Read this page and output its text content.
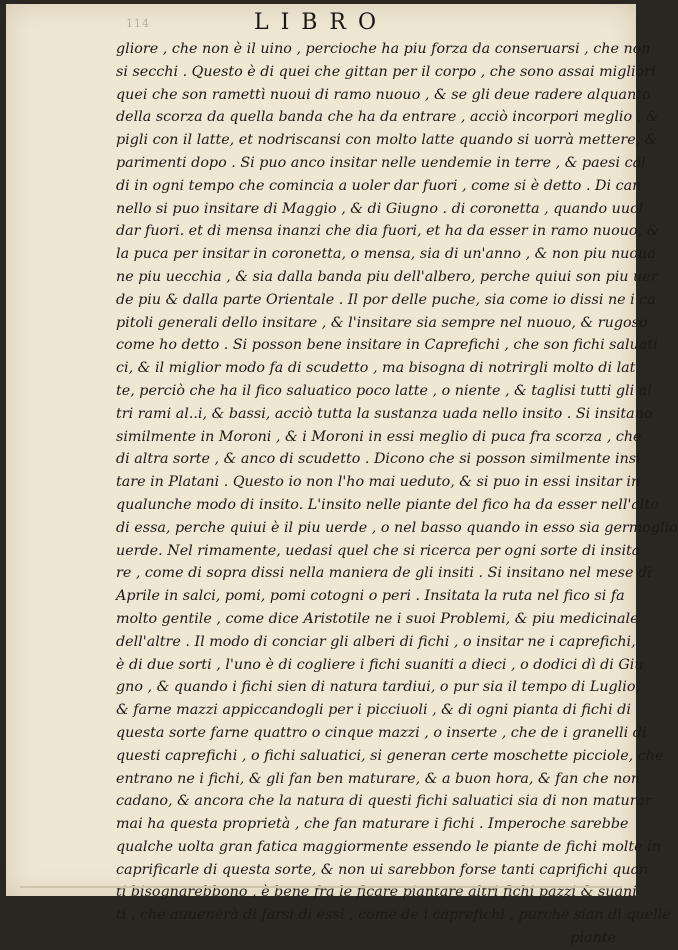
114	LIBRO
gliore , che non è il uino , percioche ha piu forza da conseruarsi , che non
si secchi . Questo è di quei che gittan per il corpo , che sono assai migliori
quei che son ramettì nuoui di ramo nuouo , & se gli deue radere alquanto
della scorza da quella banda che ha da entrare , acciò incorpori meglio , &
pigli con il latte, et nodriscansi con molto latte quando si uorrà mettere, &
parimenti dopo . Si puo anco insitar nelle uendemie in terre , & paesi cal
di in ogni tempo che comincia a uoler dar fuori , come si è detto . Di can
nello si puo insitare di Maggio , & di Giugno . di coronetta , quando uuol
dar fuori. et di mensa inanzi che dia fuori, et ha da esser in ramo nuouo, &
la puca per insitar in coronetta, o mensa, sia di un'anno , & non piu nuoua
ne piu uecchia , & sia dalla banda piu dell'albero, perche quiui son piu uer
de piu & dalla parte Orientale . Il por delle puche, sia come io dissi ne i ca
pitoli generali dello insitare , & l'insitare sia sempre nel nuouo, & rugoso
come ho detto . Si posson bene insitare in Caprefichi , che son fichi saluati
ci, & il miglior modo fa di scudetto , ma bisogna di notrirgli molto di lat
te, perciò che ha il fico saluatico poco latte , o niente , & taglisi tutti gli al
tri rami al..i, & bassi, acciò tutta la sustanza uada nello insito . Si insitano
similmente in Moroni , & i Moroni in essi meglio di puca fra scorza , che
di altra sorte , & anco di scudetto . Dicono che si posson similmente insi
tare in Platani . Questo io non l'ho mai ueduto, & si puo in essi insitar in
qualunche modo di insito. L'insito nelle piante del fico ha da esser nell'alto
di essa, perche quiui è il piu uerde , o nel basso quando in esso sia germoglio
uerde. Nel rimamente, uedasi quel che si ricerca per ogni sorte di insita
re , come di sopra dissi nella maniera de gli insiti . Si insitano nel mese di
Aprile in salci, pomi, pomi cotogni o peri . Insitata la ruta nel fico si fa
molto gentile , come dice Aristotile ne i suoi Problemi, & piu medicinale
dell'altre . Il modo di conciar gli alberi di fichi , o insitar ne i caprefichi,
è di due sorti , l'uno è di cogliere i fichi suaniti a dieci , o dodici dì di Giu
gno , & quando i fichi sien di natura tardiui, o pur sia il tempo di Luglio,
& farne mazzi appiccandogli per i picciuoli , & di ogni pianta di fichi di
questa sorte farne quattro o cinque mazzi , o inserte , che de i granelli di
questi caprefichi , o fichi saluatici, si generan certe moschette picciole, che
entrano ne i fichi, & gli fan ben maturare, & a buon hora, & fan che non
cadano, & ancora che la natura di questi fichi saluatici sia di non maturar
mai ha questa proprietà , che fan maturare i fichi . Imperoche sarebbe
qualche uolta gran fatica maggiormente essendo le piante de fichi molte in
caprificarle di questa sorte, & non ui sarebbon forse tanti caprifichi quan
ti bisognarebbono , è bene fra le ficare piantare altri fichi pazzi & suani
ti , che auuenerà di farsi di essi , come de i caprefichi , purche sian di quelle
piante
